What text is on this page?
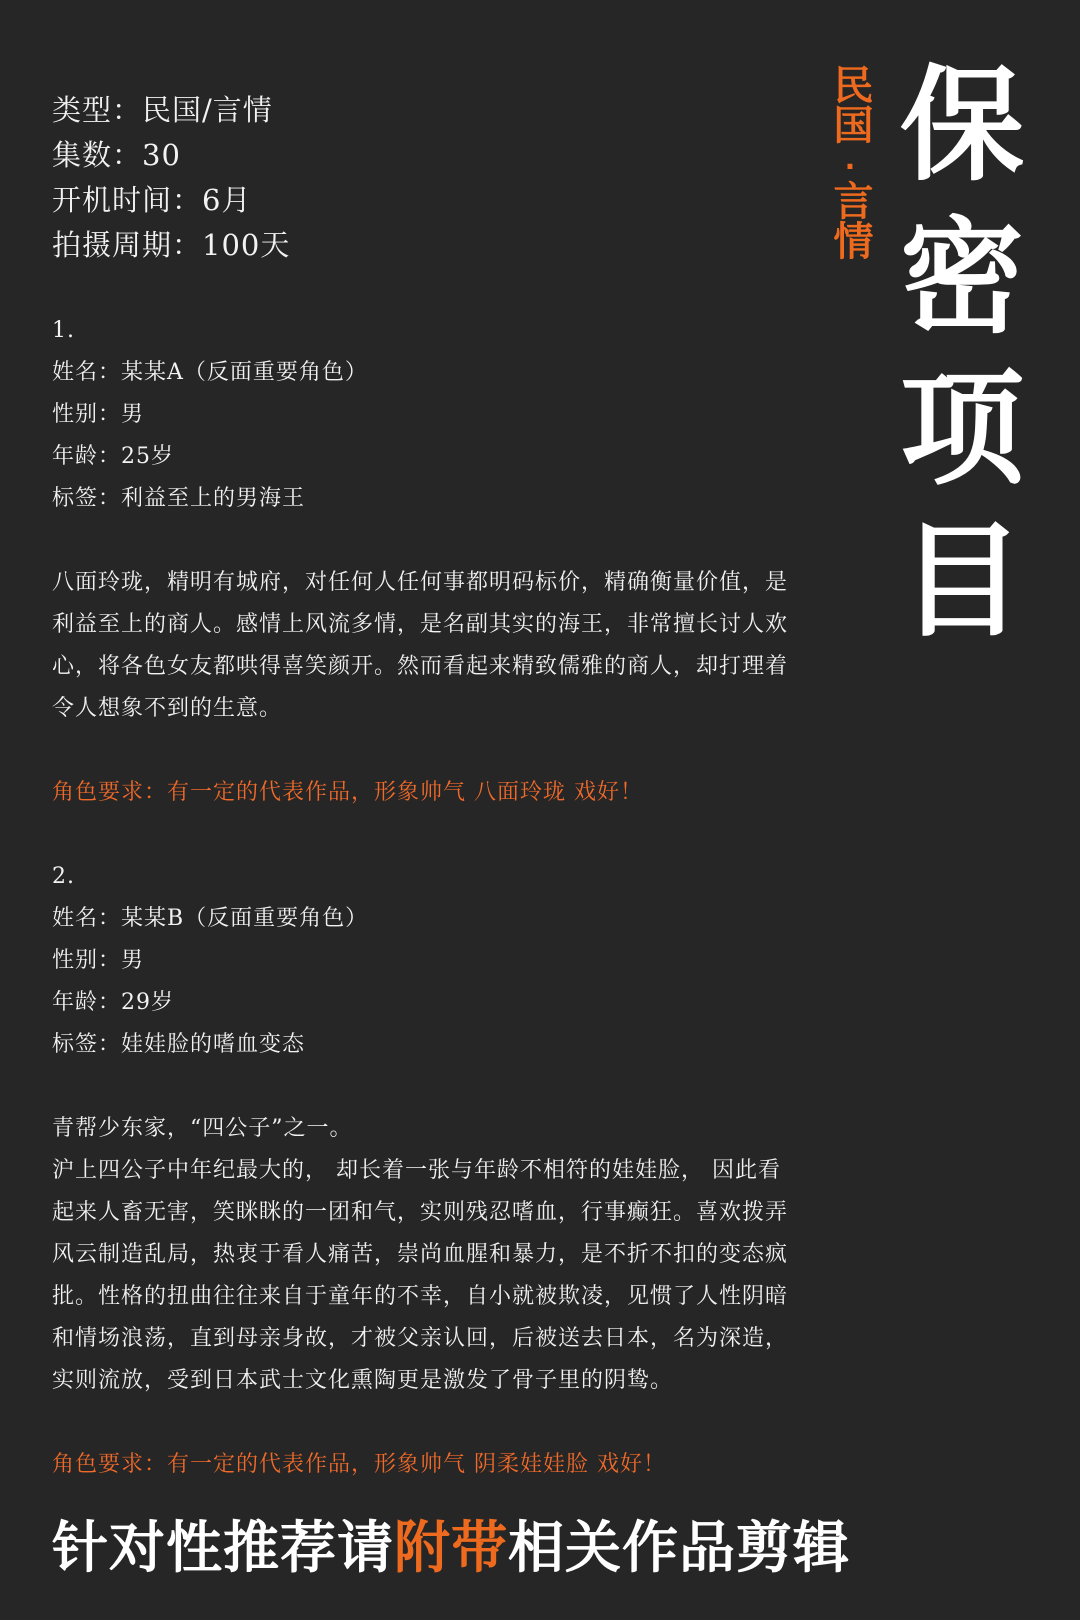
类型：民国/言情
集数：30
开机时间：6月
拍摄周期：100天
民国
·
言情
保
密
项
目
1.
姓名：某某A（反面重要角色）
性别：男
年龄：25岁
标签：利益至上的男海王
八面玲珑，精明有城府，对任何人任何事都明码标价，精确衡量价值，是
利益至上的商人。感情上风流多情，是名副其实的海王，非常擅长讨人欢
心，将各色女友都哄得喜笑颜开。然而看起来精致儒雅的商人，却打理着
令人想象不到的生意。
角色要求：有一定的代表作品，形象帅气 八面玲珑 戏好！
2.
姓名：某某B（反面重要角色）
性别：男
年龄：29岁
标签：娃娃脸的嗜血变态
青帮少东家，“四公子”之一。
沪上四公子中年纪最大的， 却长着一张与年龄不相符的娃娃脸， 因此看
起来人畜无害，笑眯眯的一团和气，实则残忍嗜血，行事癫狂。喜欢拨弄
风云制造乱局，热衷于看人痛苦，崇尚血腥和暴力，是不折不扣的变态疯
批。性格的扭曲往往来自于童年的不幸，自小就被欺凌，见惯了人性阴暗
和情场浪荡，直到母亲身故，才被父亲认回，后被送去日本，名为深造，
实则流放，受到日本武士文化熏陶更是激发了骨子里的阴鸷。
角色要求：有一定的代表作品，形象帅气 阴柔娃娃脸 戏好！
针对性推荐请附带相关作品剪辑
